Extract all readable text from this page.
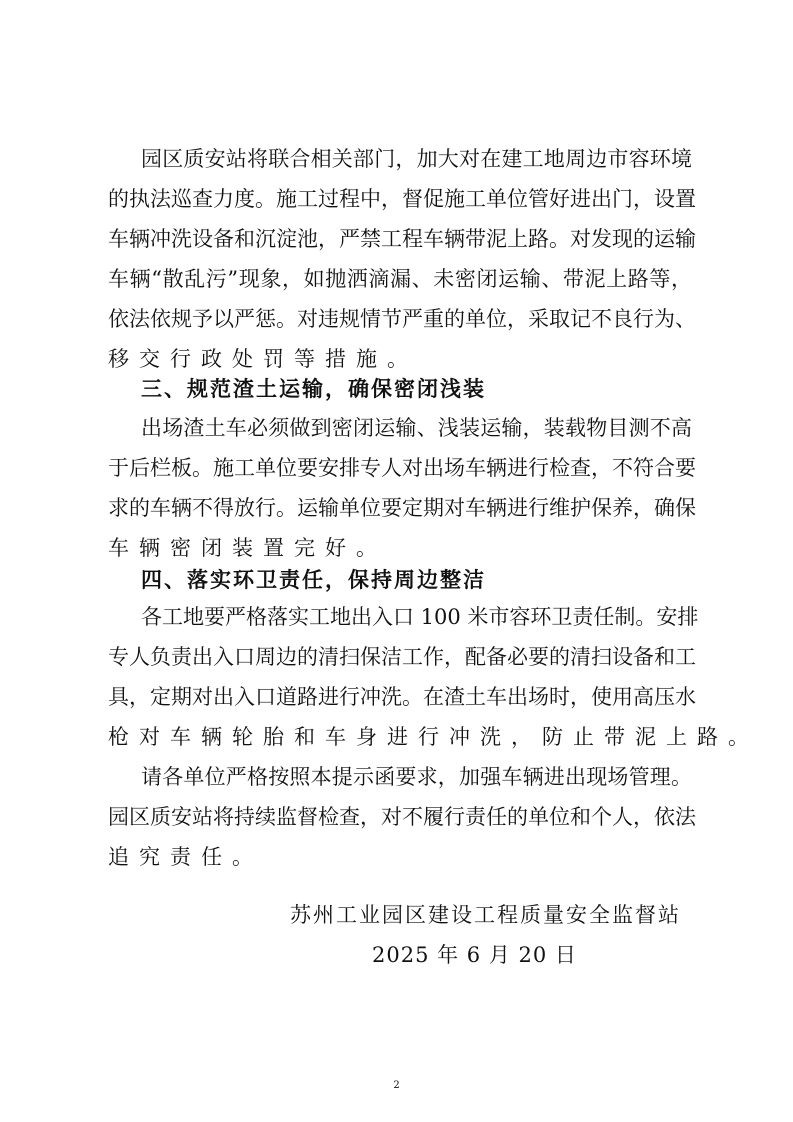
园区质安站将联合相关部门，加大对在建工地周边市容环境
的执法巡查力度。施工过程中，督促施工单位管好进出门，设置
车辆冲洗设备和沉淀池，严禁工程车辆带泥上路。对发现的运输
车辆“散乱污”现象，如抛洒滴漏、未密闭运输、带泥上路等，
依法依规予以严惩。对违规情节严重的单位，采取记不良行为、
移交行政处罚等措施。
三、规范渣土运输，确保密闭浅装
出场渣土车必须做到密闭运输、浅装运输，装载物目测不高
于后栏板。施工单位要安排专人对出场车辆进行检查，不符合要
求的车辆不得放行。运输单位要定期对车辆进行维护保养，确保
车辆密闭装置完好。
四、落实环卫责任，保持周边整洁
各工地要严格落实工地出入口 100 米市容环卫责任制。安排
专人负责出入口周边的清扫保洁工作，配备必要的清扫设备和工
具，定期对出入口道路进行冲洗。在渣土车出场时，使用高压水
枪对车辆轮胎和车身进行冲洗，防止带泥上路。
请各单位严格按照本提示函要求，加强车辆进出现场管理。
园区质安站将持续监督检查，对不履行责任的单位和个人，依法
追究责任。
苏州工业园区建设工程质量安全监督站
2025 年 6 月 20 日
2
